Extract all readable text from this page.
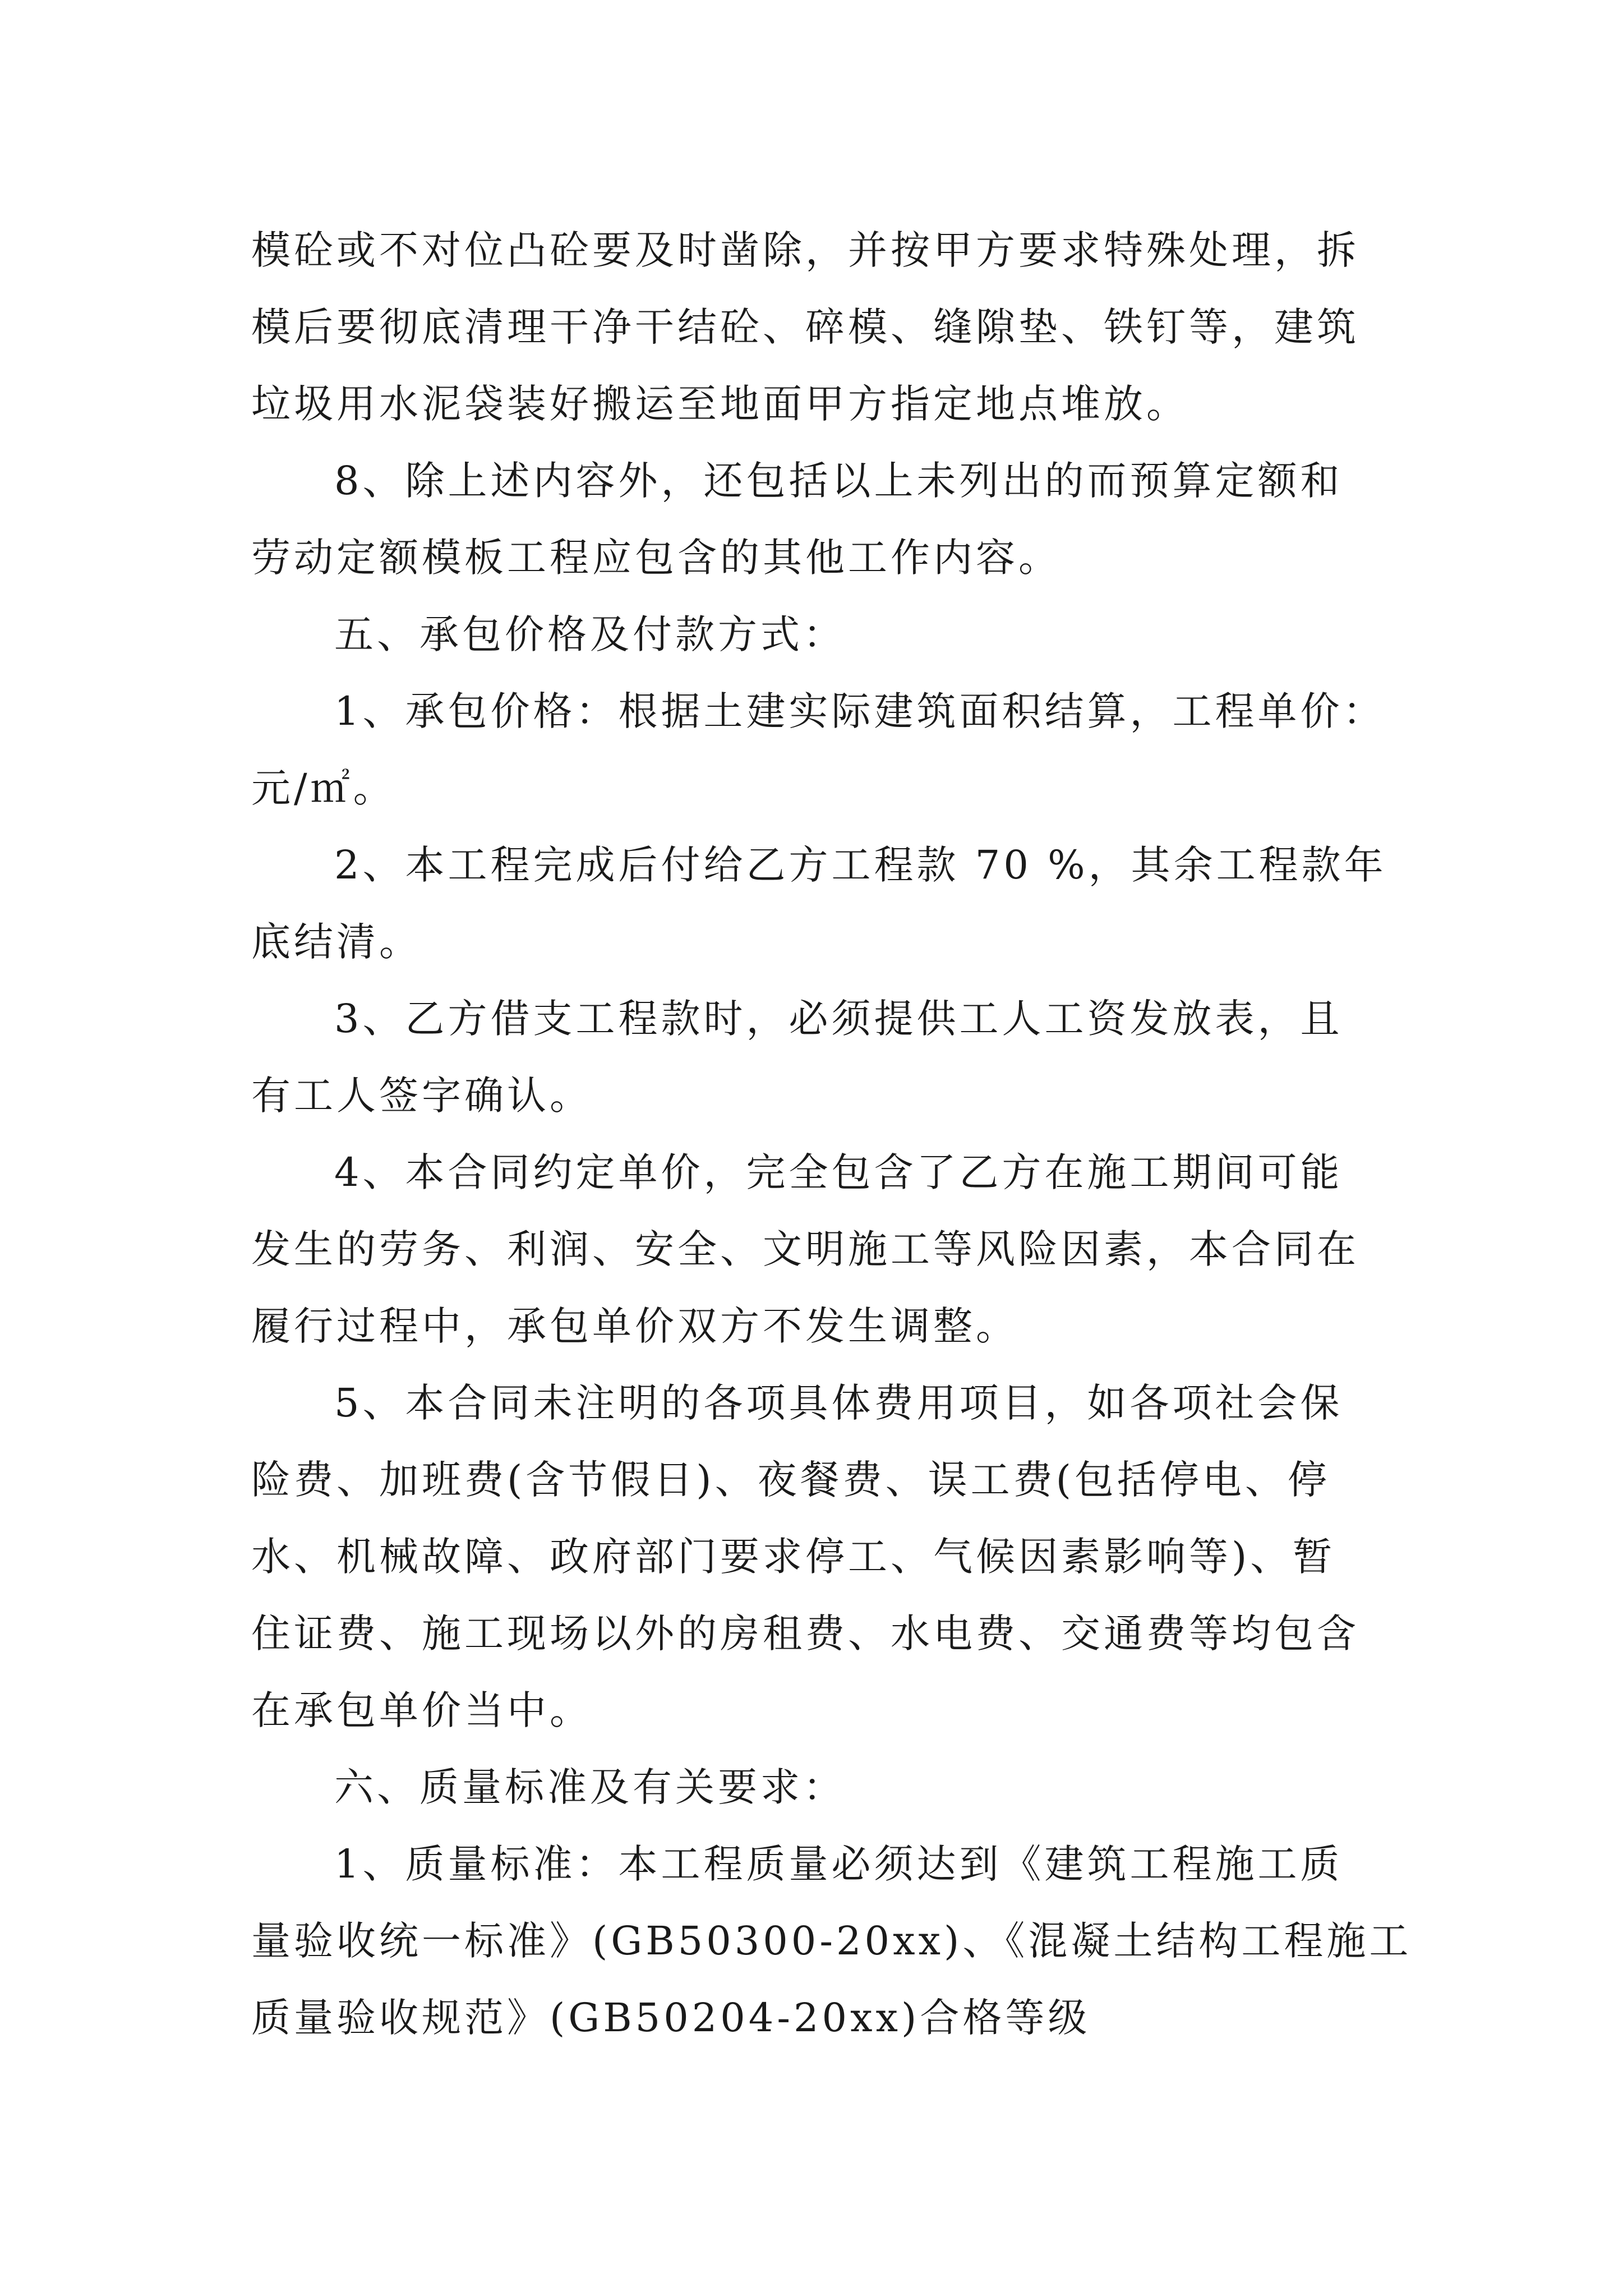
模砼或不对位凸砼要及时凿除，并按甲方要求特殊处理，拆
模后要彻底清理干净干结砼、碎模、缝隙垫、铁钉等，建筑
垃圾用水泥袋装好搬运至地面甲方指定地点堆放。
8、除上述内容外，还包括以上未列出的而预算定额和
劳动定额模板工程应包含的其他工作内容。
五、承包价格及付款方式：
1、承包价格：根据土建实际建筑面积结算，工程单价：
元/㎡。
2、本工程完成后付给乙方工程款 70 %，其余工程款年
底结清。
3、乙方借支工程款时，必须提供工人工资发放表，且
有工人签字确认。
4、本合同约定单价，完全包含了乙方在施工期间可能
发生的劳务、利润、安全、文明施工等风险因素，本合同在
履行过程中，承包单价双方不发生调整。
5、本合同未注明的各项具体费用项目，如各项社会保
险费、加班费(含节假日)、夜餐费、误工费(包括停电、停
水、机械故障、政府部门要求停工、气候因素影响等)、暂
住证费、施工现场以外的房租费、水电费、交通费等均包含
在承包单价当中。
六、质量标准及有关要求：
1、质量标准：本工程质量必须达到《建筑工程施工质
量验收统一标准》(GB50300-20xx)、《混凝土结构工程施工
质量验收规范》(GB50204-20xx)合格等级
